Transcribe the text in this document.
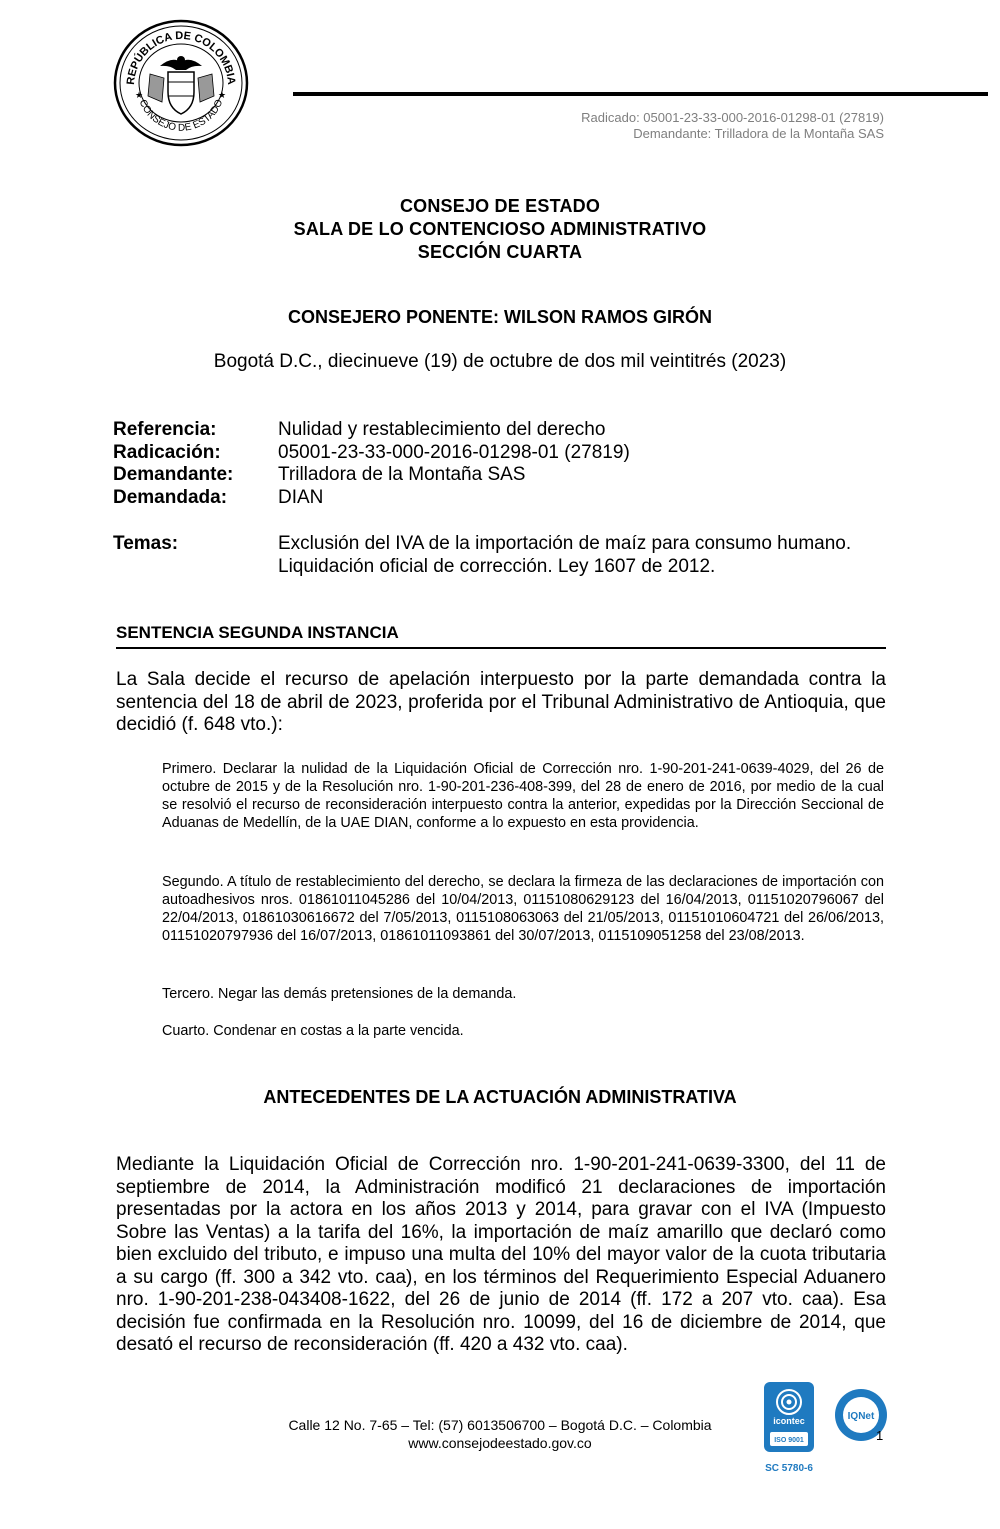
REPÚBLICA DE COLOMBIA
CONSEJO DE ESTADO
★	★
Radicado: 05001-23-33-000-2016-01298-01 (27819)
Demandante: Trilladora de la Montaña SAS
CONSEJO DE ESTADO
SALA DE LO CONTENCIOSO ADMINISTRATIVO
SECCIÓN CUARTA
CONSEJERO PONENTE: WILSON RAMOS GIRÓN
Bogotá D.C., diecinueve (19) de octubre de dos mil veintitrés (2023)
Referencia:	Nulidad y restablecimiento del derecho
Radicación:	05001-23-33-000-2016-01298-01 (27819)
Demandante:	Trilladora de la Montaña SAS
Demandada:	DIAN
Temas:	Exclusión del IVA de la importación de maíz para consumo humano. Liquidación oficial de corrección. Ley 1607 de 2012.
SENTENCIA SEGUNDA INSTANCIA
La Sala decide el recurso de apelación interpuesto por la parte demandada contra la sentencia del 18 de abril de 2023, proferida por el Tribunal Administrativo de Antioquia, que decidió (f. 648 vto.):
Primero. Declarar la nulidad de la Liquidación Oficial de Corrección nro. 1-90-201-241-0639-4029, del 26 de octubre de 2015 y de la Resolución nro. 1-90-201-236-408-399, del 28 de enero de 2016, por medio de la cual se resolvió el recurso de reconsideración interpuesto contra la anterior, expedidas por la Dirección Seccional de Aduanas de Medellín, de la UAE DIAN, conforme a lo expuesto en esta providencia.
Segundo. A título de restablecimiento del derecho, se declara la firmeza de las declaraciones de importación con autoadhesivos nros. 01861011045286 del 10/04/2013, 01151080629123 del 16/04/2013, 01151020796067 del 22/04/2013, 01861030616672 del 7/05/2013, 0115108063063 del 21/05/2013, 01151010604721 del 26/06/2013, 01151020797936 del 16/07/2013, 01861011093861 del 30/07/2013, 0115109051258 del 23/08/2013.
Tercero. Negar las demás pretensiones de la demanda.
Cuarto. Condenar en costas a la parte vencida.
ANTECEDENTES DE LA ACTUACIÓN ADMINISTRATIVA
Mediante la Liquidación Oficial de Corrección nro. 1-90-201-241-0639-3300, del 11 de septiembre de 2014, la Administración modificó 21 declaraciones de importación presentadas por la actora en los años 2013 y 2014, para gravar con el IVA (Impuesto Sobre las Ventas) a la tarifa del 16%, la importación de maíz amarillo que declaró como bien excluido del tributo, e impuso una multa del 10% del mayor valor de la cuota tributaria a su cargo (ff. 300 a 342 vto. caa), en los términos del Requerimiento Especial Aduanero nro. 1-90-201-238-043408-1622, del 26 de junio de 2014 (ff. 172 a 207 vto. caa). Esa decisión fue confirmada en la Resolución nro. 10099, del 16 de diciembre de 2014, que desató el recurso de reconsideración (ff. 420 a 432 vto. caa).
Calle 12 No. 7-65 – Tel: (57) 6013506700 – Bogotá D.C. – Colombia
www.consejodeestado.gov.co
icontec
ISO 9001
SC 5780-6
IQNet
1
